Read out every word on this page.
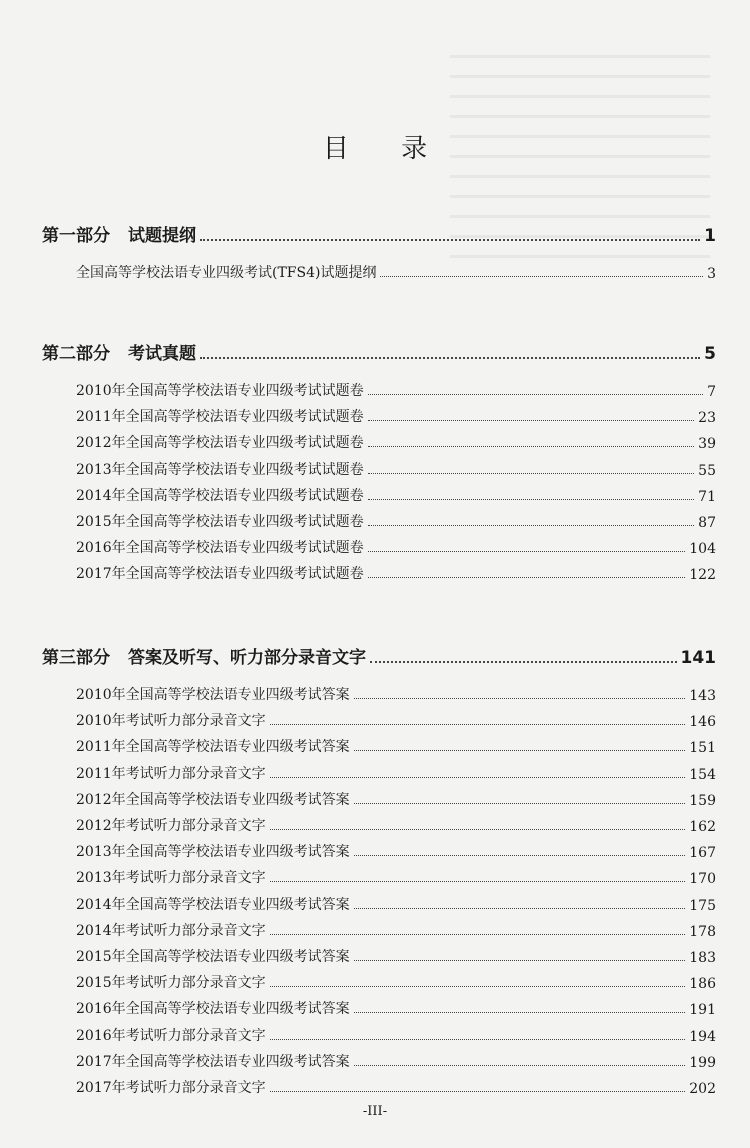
目 录
第一部分 试题提纲	1
全国高等学校法语专业四级考试(TFS4)试题提纲	3
第二部分 考试真题	5
2010年全国高等学校法语专业四级考试试题卷	7
2011年全国高等学校法语专业四级考试试题卷	23
2012年全国高等学校法语专业四级考试试题卷	39
2013年全国高等学校法语专业四级考试试题卷	55
2014年全国高等学校法语专业四级考试试题卷	71
2015年全国高等学校法语专业四级考试试题卷	87
2016年全国高等学校法语专业四级考试试题卷	104
2017年全国高等学校法语专业四级考试试题卷	122
第三部分 答案及听写、听力部分录音文字	141
2010年全国高等学校法语专业四级考试答案	143
2010年考试听力部分录音文字	146
2011年全国高等学校法语专业四级考试答案	151
2011年考试听力部分录音文字	154
2012年全国高等学校法语专业四级考试答案	159
2012年考试听力部分录音文字	162
2013年全国高等学校法语专业四级考试答案	167
2013年考试听力部分录音文字	170
2014年全国高等学校法语专业四级考试答案	175
2014年考试听力部分录音文字	178
2015年全国高等学校法语专业四级考试答案	183
2015年考试听力部分录音文字	186
2016年全国高等学校法语专业四级考试答案	191
2016年考试听力部分录音文字	194
2017年全国高等学校法语专业四级考试答案	199
2017年考试听力部分录音文字	202
-III-
